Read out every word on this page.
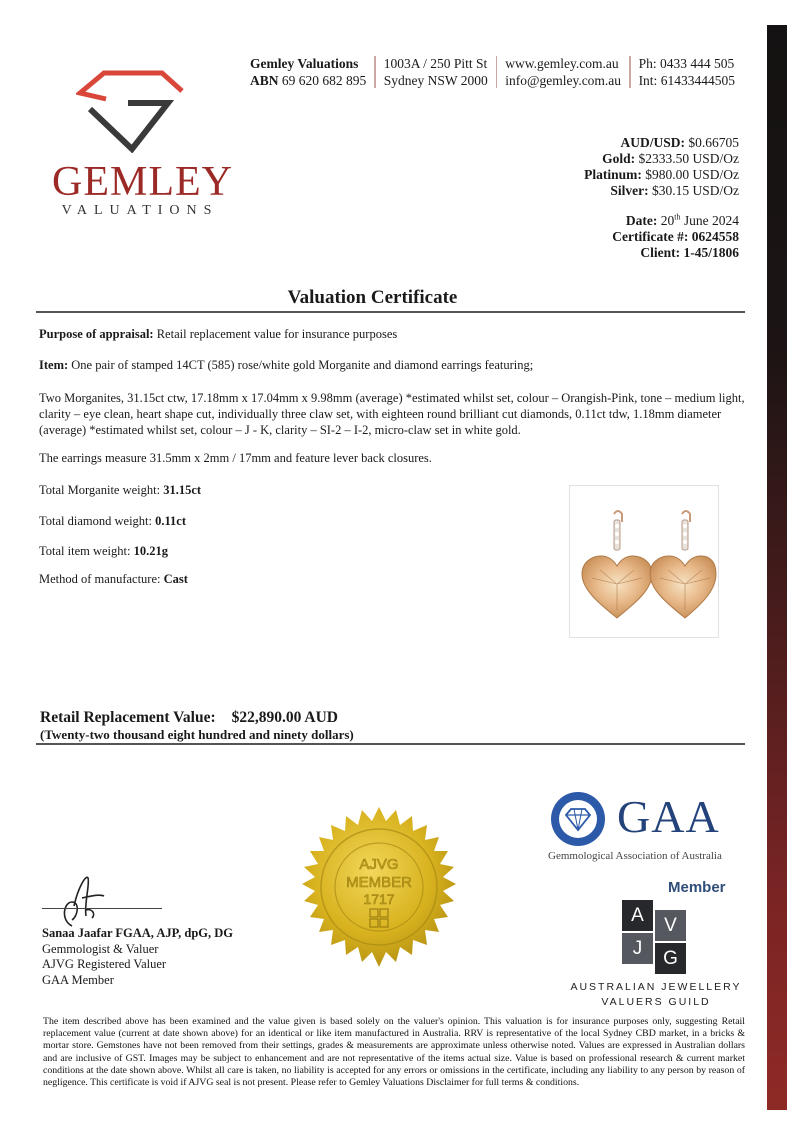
GEMLEY
VALUATIONS
Gemley Valuations
ABN 69 620 682 895
1003A / 250 Pitt St
Sydney NSW 2000
www.gemley.com.au
info@gemley.com.au
Ph: 0433 444 505
Int: 61433444505
AUD/USD: $0.66705
Gold: $2333.50 USD/Oz
Platinum: $980.00 USD/Oz
Silver: $30.15 USD/Oz
Date: 20th June 2024
Certificate #: 0624558
Client: 1-45/1806
Valuation Certificate
Purpose of appraisal: Retail replacement value for insurance purposes
Item: One pair of stamped 14CT (585) rose/white gold Morganite and diamond earrings featuring;
Two Morganites, 31.15ct ctw, 17.18mm x 17.04mm x 9.98mm (average) *estimated whilst set, colour – Orangish-Pink, tone – medium light, clarity – eye clean, heart shape cut, individually three claw set, with eighteen round brilliant cut diamonds, 0.11ct tdw, 1.18mm diameter (average) *estimated whilst set, colour – J - K, clarity – SI-2 – I-2, micro-claw set in white gold.
The earrings measure 31.5mm x 2mm / 17mm and feature lever back closures.
Total Morganite weight: 31.15ct
Total diamond weight: 0.11ct
Total item weight: 10.21g
Method of manufacture: Cast
Retail Replacement Value: $22,890.00 AUD
(Twenty-two thousand eight hundred and ninety dollars)
AJVG
MEMBER
1717
Sanaa Jaafar FGAA, AJP, dpG, DG
Gemmologist & Valuer
AJVG Registered Valuer
GAA Member
GAA
Gemmological Association of Australia
Member
A	V
J	G
AUSTRALIAN JEWELLERY
VALUERS GUILD
The item described above has been examined and the value given is based solely on the valuer's opinion. This valuation is for insurance purposes only, suggesting Retail replacement value (current at date shown above) for an identical or like item manufactured in Australia. RRV is representative of the local Sydney CBD market, in a bricks & mortar store. Gemstones have not been removed from their settings, grades & measurements are approximate unless otherwise noted. Values are expressed in Australian dollars and are inclusive of GST. Images may be subject to enhancement and are not representative of the items actual size. Value is based on professional research & current market conditions at the date shown above. Whilst all care is taken, no liability is accepted for any errors or omissions in the certificate, including any liability to any person by reason of negligence. This certificate is void if AJVG seal is not present. Please refer to Gemley Valuations Disclaimer for full terms & conditions.
